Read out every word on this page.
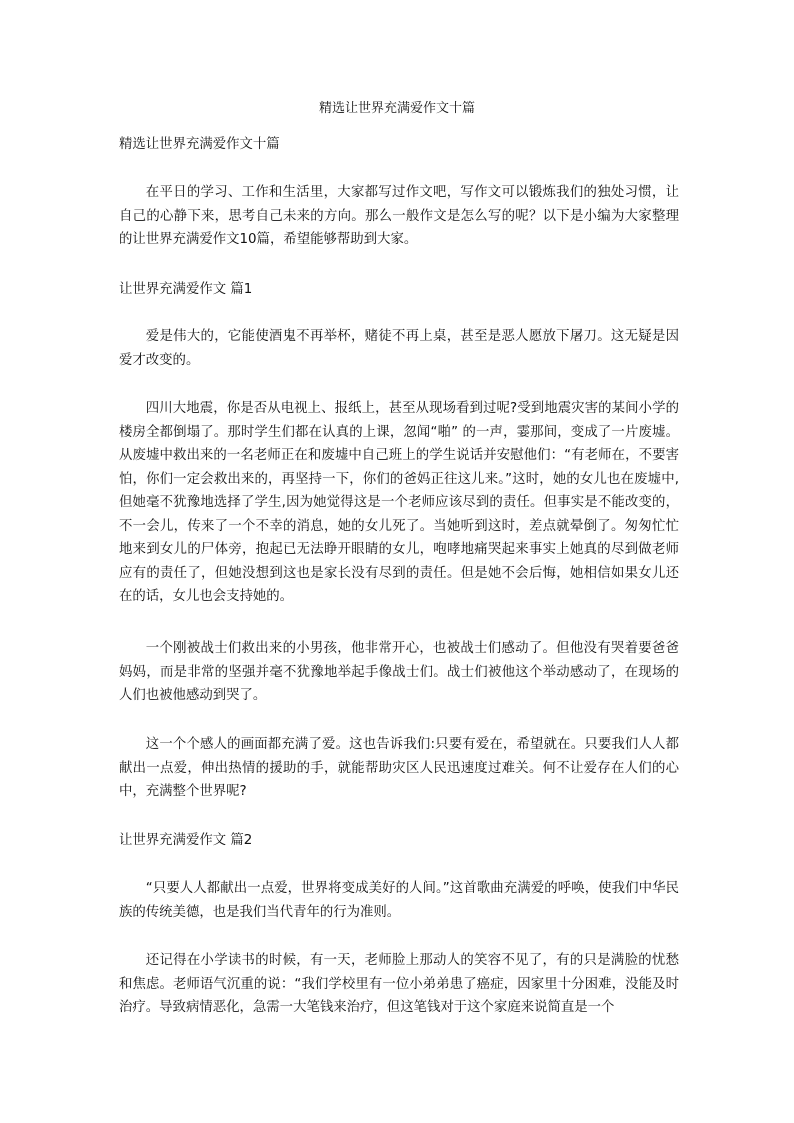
精选让世界充满爱作文十篇

精选让世界充满爱作文十篇

在平日的学习、工作和生活里，大家都写过作文吧，写作文可以锻炼我们的独处习惯，让自己的心静下来，思考自己未来的方向。那么一般作文是怎么写的呢？以下是小编为大家整理的让世界充满爱作文10篇，希望能够帮助到大家。

让世界充满爱作文 篇1

爱是伟大的，它能使酒鬼不再举杯，赌徒不再上桌，甚至是恶人愿放下屠刀。这无疑是因爱才改变的。

四川大地震，你是否从电视上、报纸上，甚至从现场看到过呢?受到地震灾害的某间小学的楼房全都倒塌了。那时学生们都在认真的上课，忽闻“啪” 的一声，霎那间，变成了一片废墟。从废墟中救出来的一名老师正在和废墟中自己班上的学生说话并安慰他们：“有老师在，不要害怕，你们一定会救出来的，再坚持一下，你们的爸妈正往这儿来。”这时，她的女儿也在废墟中,但她毫不犹豫地选择了学生,因为她觉得这是一个老师应该尽到的责任。但事实是不能改变的，不一会儿，传来了一个不幸的消息，她的女儿死了。当她听到这时，差点就晕倒了。匆匆忙忙地来到女儿的尸体旁，抱起已无法睁开眼睛的女儿，咆哮地痛哭起来事实上她真的尽到做老师应有的责任了，但她没想到这也是家长没有尽到的责任。但是她不会后悔，她相信如果女儿还在的话，女儿也会支持她的。

一个刚被战士们救出来的小男孩，他非常开心，也被战士们感动了。但他没有哭着要爸爸妈妈，而是非常的坚强并毫不犹豫地举起手像战士们。战士们被他这个举动感动了，在现场的人们也被他感动到哭了。

这一个个感人的画面都充满了爱。这也告诉我们:只要有爱在，希望就在。只要我们人人都献出一点爱，伸出热情的援助的手，就能帮助灾区人民迅速度过难关。何不让爱存在人们的心中，充满整个世界呢?

让世界充满爱作文 篇2

“只要人人都献出一点爱，世界将变成美好的人间。”这首歌曲充满爱的呼唤，使我们中华民族的传统美德，也是我们当代青年的行为准则。

还记得在小学读书的时候，有一天，老师脸上那动人的笑容不见了，有的只是满脸的忧愁和焦虑。老师语气沉重的说：“我们学校里有一位小弟弟患了癌症，因家里十分困难，没能及时治疗。导致病情恶化，急需一大笔钱来治疗，但这笔钱对于这个家庭来说简直是一个
